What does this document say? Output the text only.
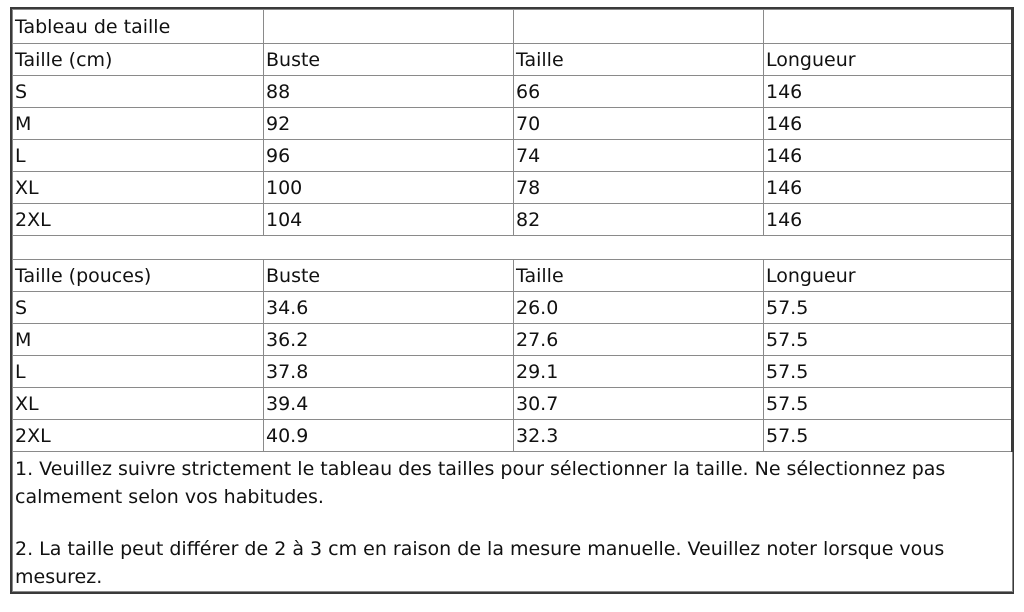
Tableau de taille			
Taille (cm)	Buste	Taille	Longueur
S	88	66	146
M	92	70	146
L	96	74	146
XL	100	78	146
2XL	104	82	146

Taille (pouces)	Buste	Taille	Longueur
S	34.6	26.0	57.5
M	36.2	27.6	57.5
L	37.8	29.1	57.5
XL	39.4	30.7	57.5
2XL	40.9	32.3	57.5

1. Veuillez suivre strictement le tableau des tailles pour sélectionner la taille. Ne sélectionnez pas calmement selon vos habitudes.
2. La taille peut différer de 2 à 3 cm en raison de la mesure manuelle. Veuillez noter lorsque vous mesurez.			
